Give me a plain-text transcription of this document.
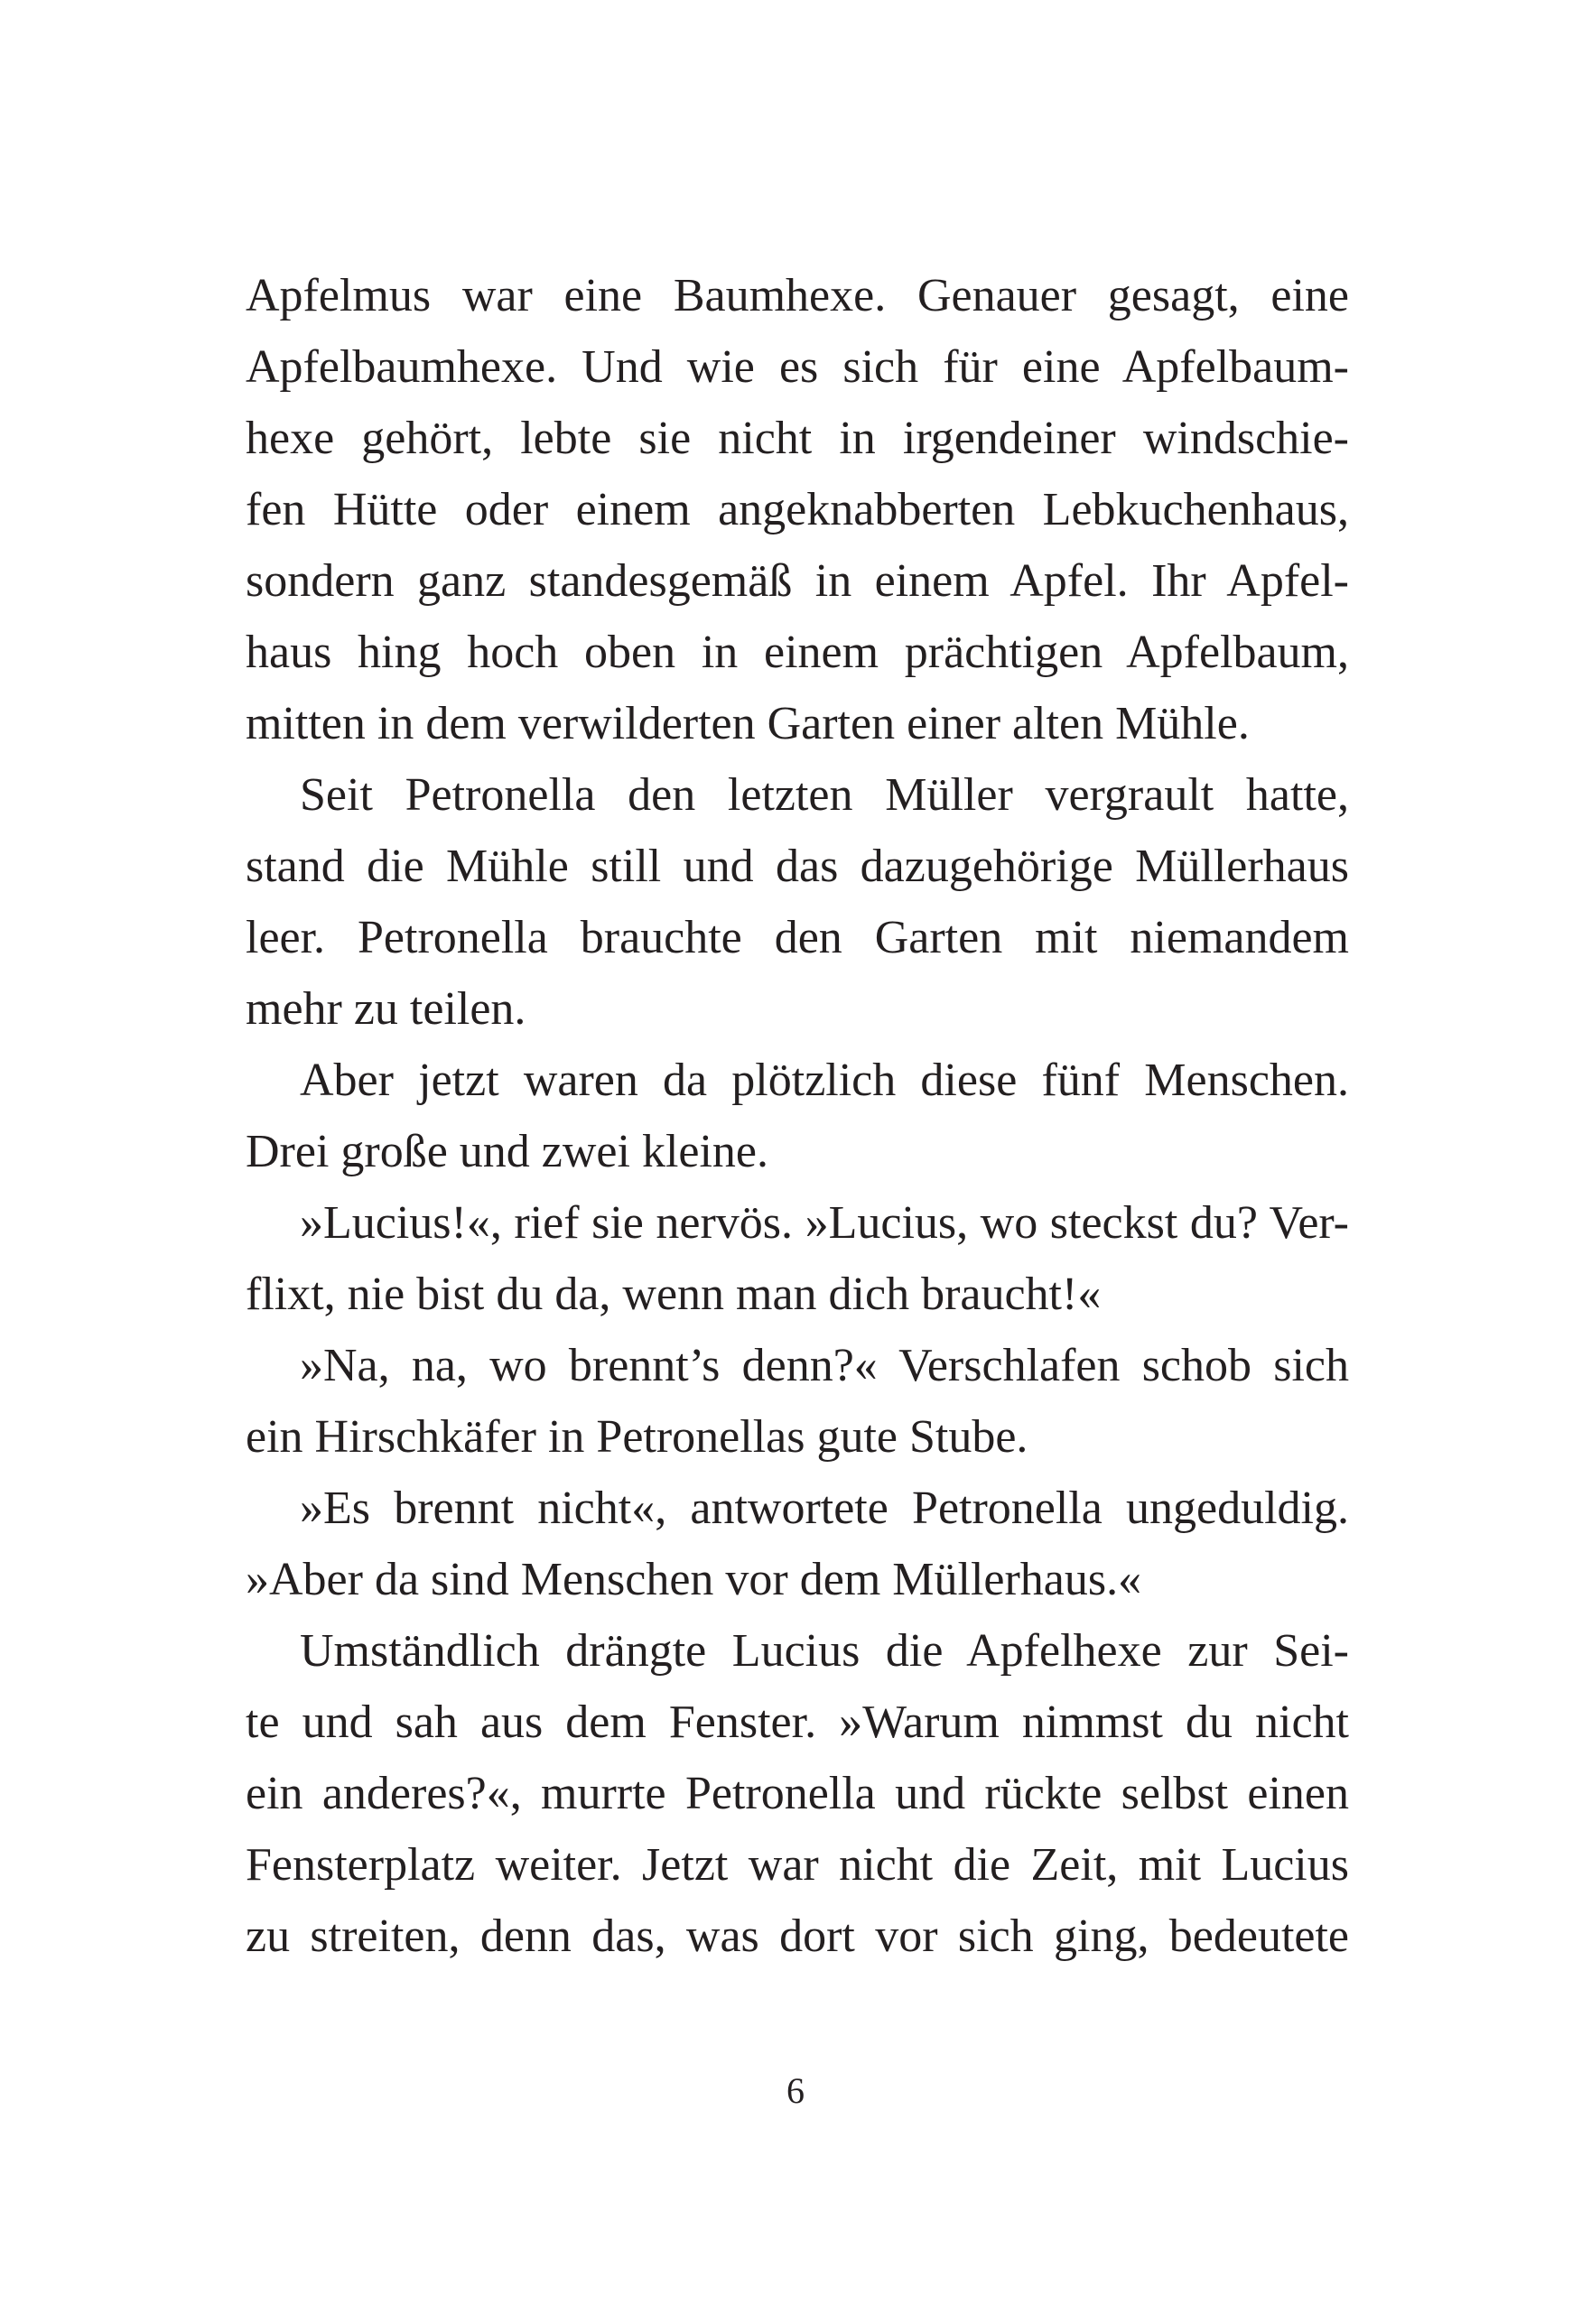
Apfelmus war eine Baumhexe. Genauer gesagt, eine
Apfelbaumhexe. Und wie es sich für eine Apfelbaum-
hexe gehört, lebte sie nicht in irgendeiner windschie-
fen Hütte oder einem angeknabberten Lebkuchenhaus,
sondern ganz standesgemäß in einem Apfel. Ihr Apfel-
haus hing hoch oben in einem prächtigen Apfelbaum,
mitten in dem verwilderten Garten einer alten Mühle.
Seit Petronella den letzten Müller vergrault hatte,
stand die Mühle still und das dazugehörige Müllerhaus
leer. Petronella brauchte den Garten mit niemandem
mehr zu teilen.
Aber jetzt waren da plötzlich diese fünf Menschen.
Drei große und zwei kleine.
»Lucius!«, rief sie nervös. »Lucius, wo steckst du? Ver-
flixt, nie bist du da, wenn man dich braucht!«
»Na, na, wo brennt’s denn?« Verschlafen schob sich
ein Hirschkäfer in Petronellas gute Stube.
»Es brennt nicht«, antwortete Petronella ungeduldig.
»Aber da sind Menschen vor dem Müllerhaus.«
Umständlich drängte Lucius die Apfelhexe zur Sei-
te und sah aus dem Fenster. »Warum nimmst du nicht
ein anderes?«, murrte Petronella und rückte selbst einen
Fensterplatz weiter. Jetzt war nicht die Zeit, mit Lucius
zu streiten, denn das, was dort vor sich ging, bedeutete
6
